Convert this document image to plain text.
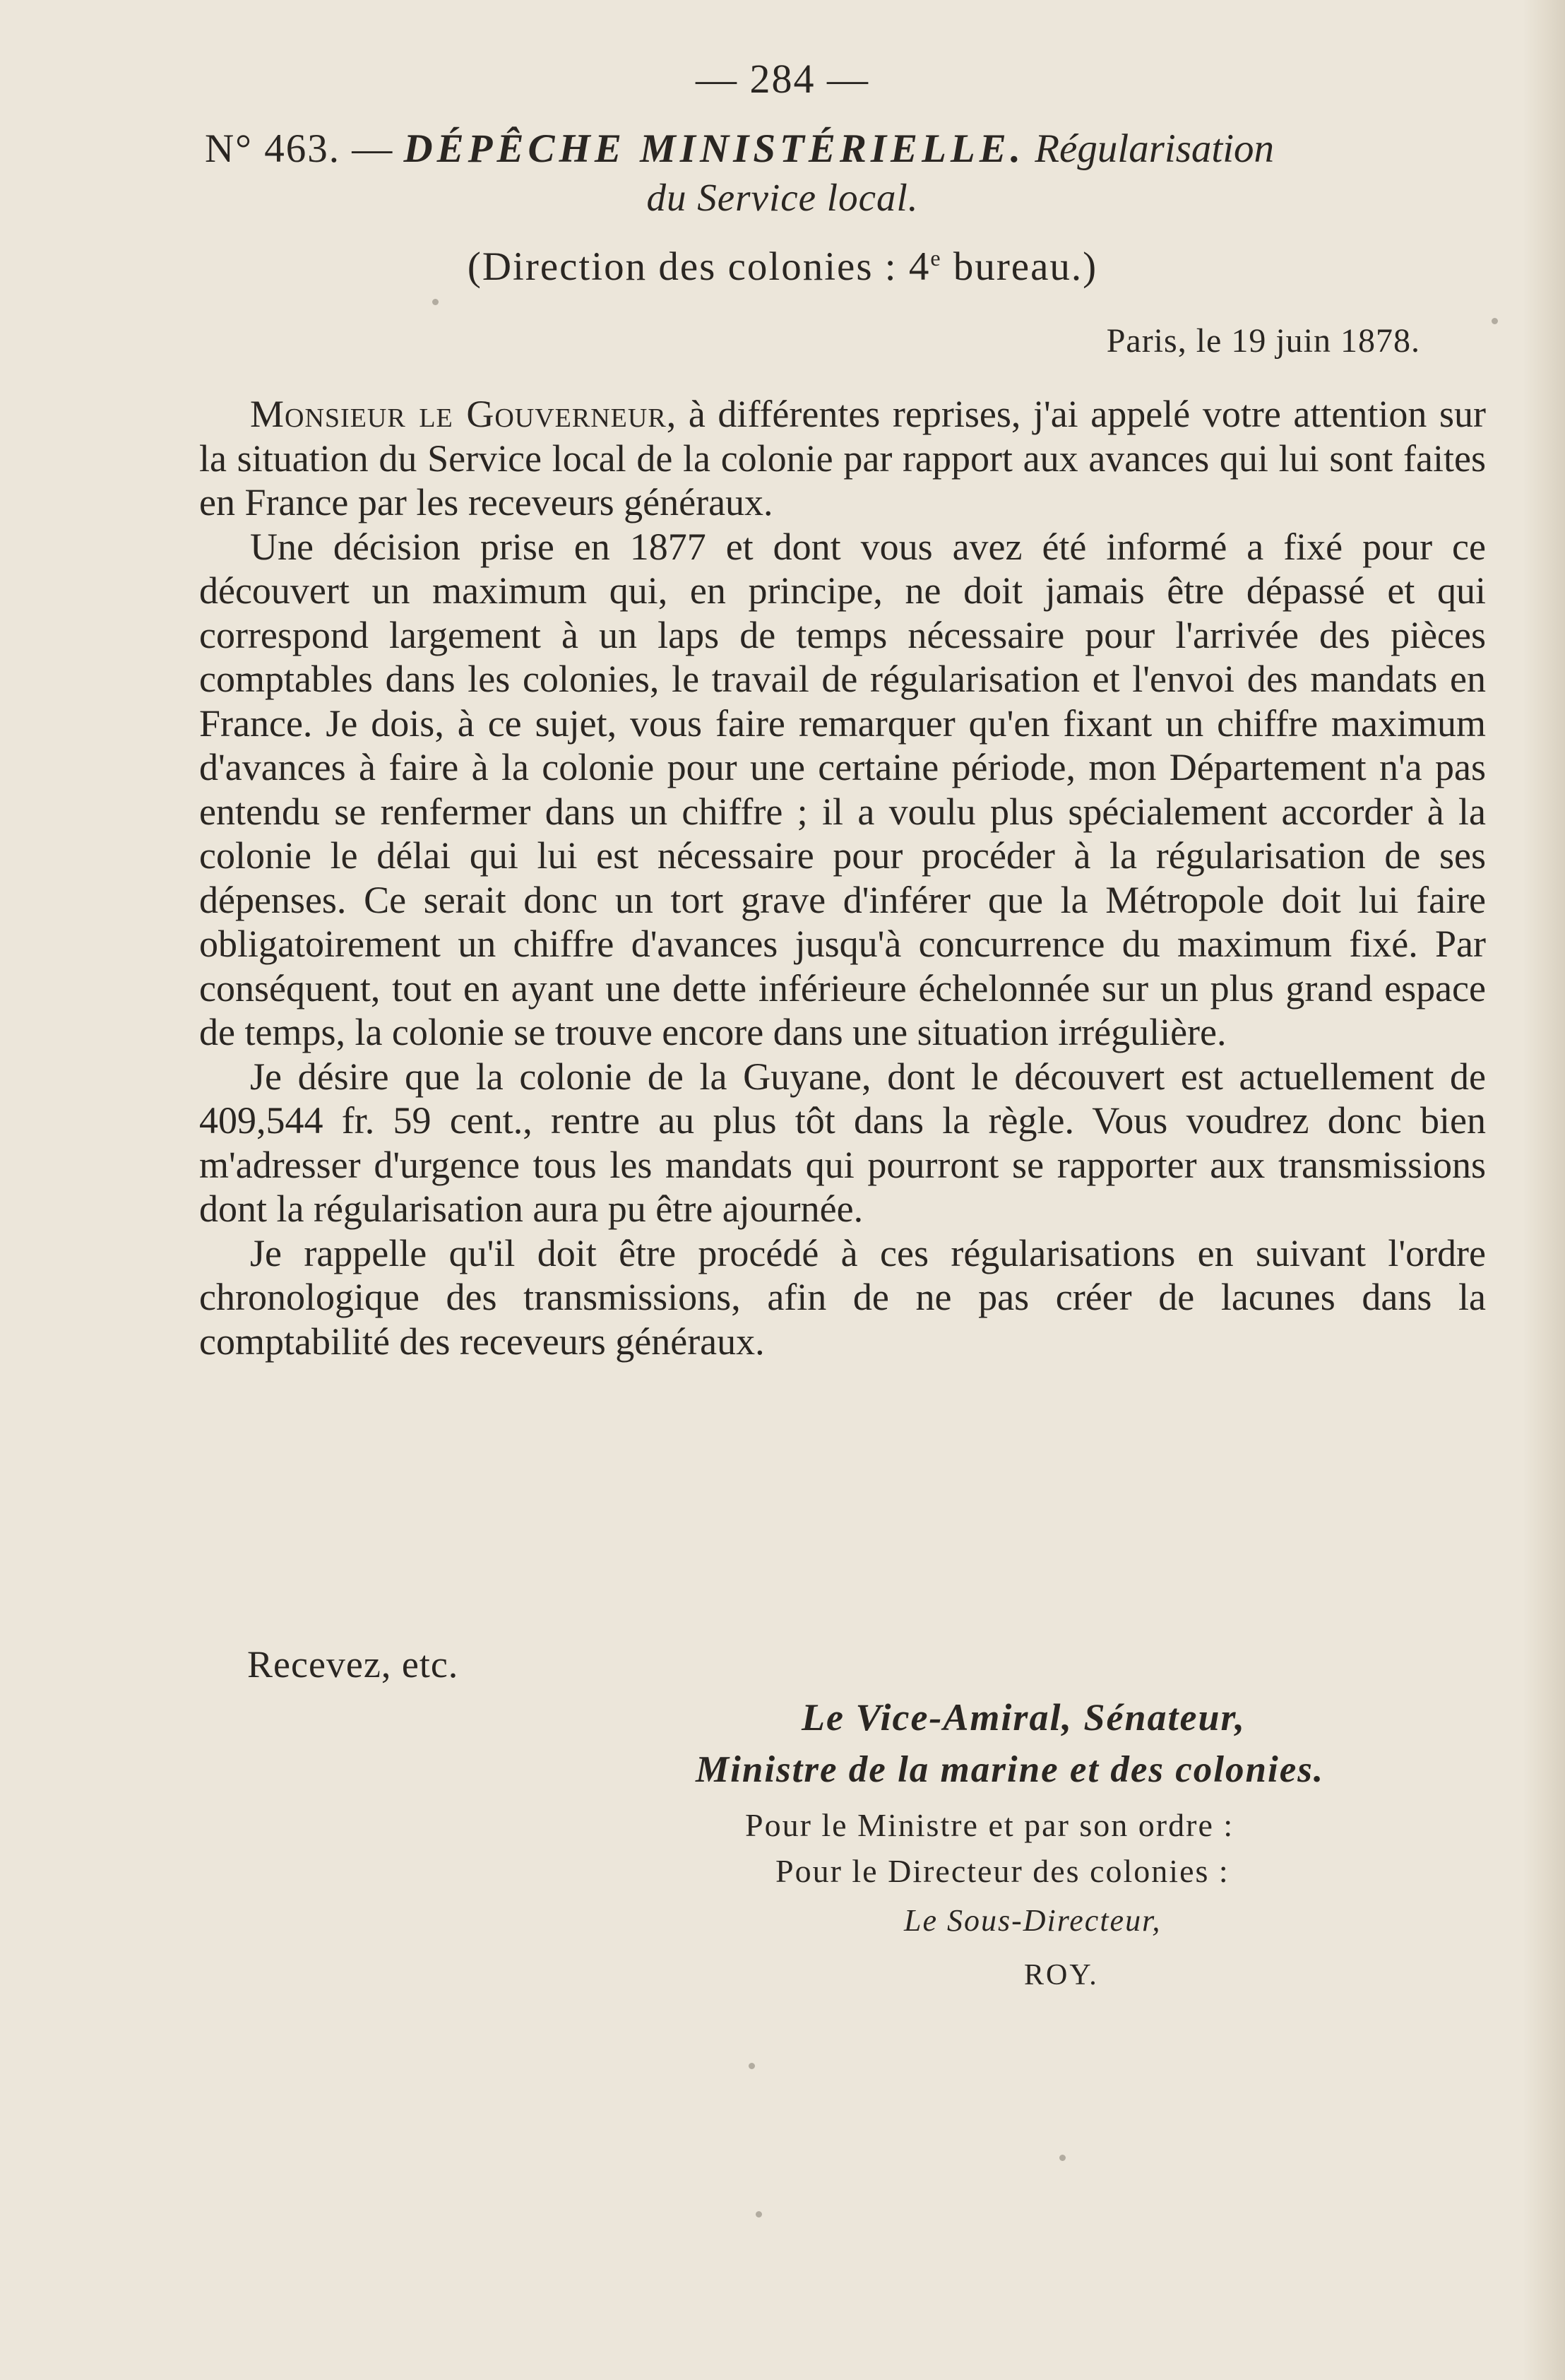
— 284 —
N° 463. — DÉPÊCHE MINISTÉRIELLE. Régularisation
du Service local.
(Direction des colonies : 4e bureau.)
Paris, le 19 juin 1878.

Monsieur le Gouverneur, à différentes reprises, j'ai appelé votre attention sur la situation du Service local de la colonie par rapport aux avances qui lui sont faites en France par les receveurs généraux.

Une décision prise en 1877 et dont vous avez été informé a fixé pour ce découvert un maximum qui, en principe, ne doit jamais être dépassé et qui correspond largement à un laps de temps nécessaire pour l'arrivée des pièces comptables dans les colonies, le travail de régularisation et l'envoi des mandats en France. Je dois, à ce sujet, vous faire remarquer qu'en fixant un chiffre maximum d'avances à faire à la colonie pour une certaine période, mon Département n'a pas entendu se renfermer dans un chiffre ; il a voulu plus spécialement accorder à la colonie le délai qui lui est nécessaire pour procéder à la régularisation de ses dépenses. Ce serait donc un tort grave d'inférer que la Métropole doit lui faire obligatoirement un chiffre d'avances jusqu'à concurrence du maximum fixé. Par conséquent, tout en ayant une dette inférieure échelonnée sur un plus grand espace de temps, la colonie se trouve encore dans une situation irrégulière.

Je désire que la colonie de la Guyane, dont le découvert est actuellement de 409,544 fr. 59 cent., rentre au plus tôt dans la règle. Vous voudrez donc bien m'adresser d'urgence tous les mandats qui pourront se rapporter aux transmissions dont la régularisation aura pu être ajournée.

Je rappelle qu'il doit être procédé à ces régularisations en suivant l'ordre chronologique des transmissions, afin de ne pas créer de lacunes dans la comptabilité des receveurs généraux.

Recevez, etc.
Le Vice-Amiral, Sénateur,
Ministre de la marine et des colonies.
Pour le Ministre et par son ordre :
Pour le Directeur des colonies :
Le Sous-Directeur,
ROY.
